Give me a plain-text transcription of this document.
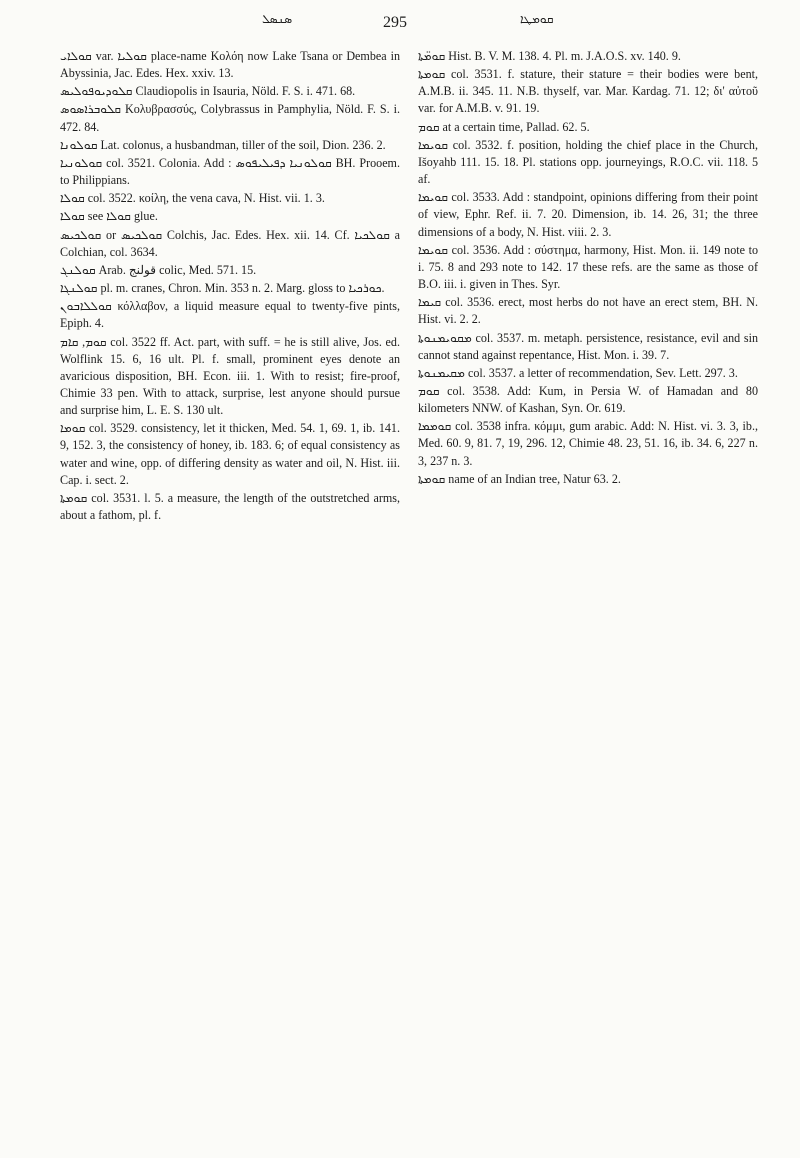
ܣܢܣܠ	295	ܩܘܡܛܐ

ܩܘܠܐܝ var. ܩܘܠܝܐ place-name Κολόη now Lake Tsana or Dembea in Abyssinia, Jac. Edes. Hex. xxiv. 13.

ܩܠܘܕܝܘܦܘܠܝܣ Claudiopolis in Isauria, Nöld. F. S. i. 471. 68.

ܩܠܘܒܪܐܣܘܣ Κολυβρασσύς, Colybrassus in Pamphylia, Nöld. F. S. i. 472. 84.

ܩܘܠܘܢܐ Lat. colonus, a husbandman, tiller of the soil, Dion. 236. 2.

ܩܘܠܘܢܝܐ col. 3521. Colonia. Add : ܩܘܠܘܢܝܐ ܕܦܝܠܝܦܘܣ BH. Prooem. to Philippians.

ܩܘܠܐ col. 3522. κοίλη, the vena cava, N. Hist. vii. 1. 3.

ܩܘܠܐ see ܩܘܠܐ glue.

ܩܘܠܟܝܣ or ܩܘܠܟܝܣ Colchis, Jac. Edes. Hex. xii. 14. Cf. ܩܘܠܟܝܐ a Colchian, col. 3634.

ܩܘܠܢܓ Arab. قولنج colic, Med. 571. 15.

ܩܘܠܢܓܐ pl. m. cranes, Chron. Min. 353 n. 2. Marg. gloss to ܟܘܪܟܝܐ.

ܩܘܠܠܐܒܘܢ κόλλαβον, a liquid measure equal to twenty-five pints, Epiph. 4.

ܩܘܡ, ܩܐܡ col. 3522 ff. Act. part, with suff. = he is still alive, Jos. ed. Wolflink 15. 6, 16 ult. Pl. f. small, prominent eyes denote an avaricious disposition, BH. Econ. iii. 1. With to resist; fire-proof, Chimie 33 pen. With to attack, surprise, lest anyone should pursue and surprise him, L. E. S. 130 ult.

ܩܘܡܐ col. 3529. consistency, let it thicken, Med. 54. 1, 69. 1, ib. 141. 9, 152. 3, the consistency of honey, ib. 183. 6; of equal consistency as water and wine, opp. of differing density as water and oil, N. Hist. iii. Cap. i. sect. 2.

ܩܘܡܬܐ col. 3531. l. 5. a measure, the length of the outstretched arms, about a fathom, pl. f.

ܩܘܡ̈ܬܐ Hist. B. V. M. 138. 4. Pl. m. J.A.O.S. xv. 140. 9.

ܩܘܡܬܐ col. 3531. f. stature, their stature = their bodies were bent, A.M.B. ii. 345. 11. N.B. thyself, var. Mar. Kardag. 71. 12; δι' αὐτοῦ var. for A.M.B. v. 91. 19.

ܩܘܡ at a certain time, Pallad. 62. 5.

ܩܘܝܡܐ col. 3532. f. position, holding the chief place in the Church, Išoyahb 111. 15. 18. Pl. stations opp. journeyings, R.O.C. vii. 118. 5 af.

ܩܘܝܡܐ col. 3533. Add : standpoint, opinions differing from their point of view, Ephr. Ref. ii. 7. 20. Dimension, ib. 14. 26, 31; the three dimensions of a body, N. Hist. viii. 2. 3.

ܩܘܝܡܐ col. 3536. Add : σύστημα, harmony, Hist. Mon. ii. 149 note to i. 75. 8 and 293 note to 142. 17 these refs. are the same as those of B.O. iii. i. given in Thes. Syr.

ܩܝܡܐ col. 3536. erect, most herbs do not have an erect stem, BH. N. Hist. vi. 2. 2.

ܡܩܘܝܡܢܘܬܐ col. 3537. m. metaph. persistence, resistance, evil and sin cannot stand against repentance, Hist. Mon. i. 39. 7.

ܡܩܝܡܢܘܬܐ col. 3537. a letter of recommendation, Sev. Lett. 297. 3.

ܩܘܡ col. 3538. Add: Kum, in Persia W. of Hamadan and 80 kilometers NNW. of Kashan, Syn. Or. 619.

ܩܘܡܡܐ col. 3538 infra. κόμμι, gum arabic. Add: N. Hist. vi. 3. 3, ib., Med. 60. 9, 81. 7, 19, 296. 12, Chimie 48. 23, 51. 16, ib. 34. 6, 227 n. 3, 237 n. 3.

ܩܘܡܬܐ name of an Indian tree, Natur 63. 2.
